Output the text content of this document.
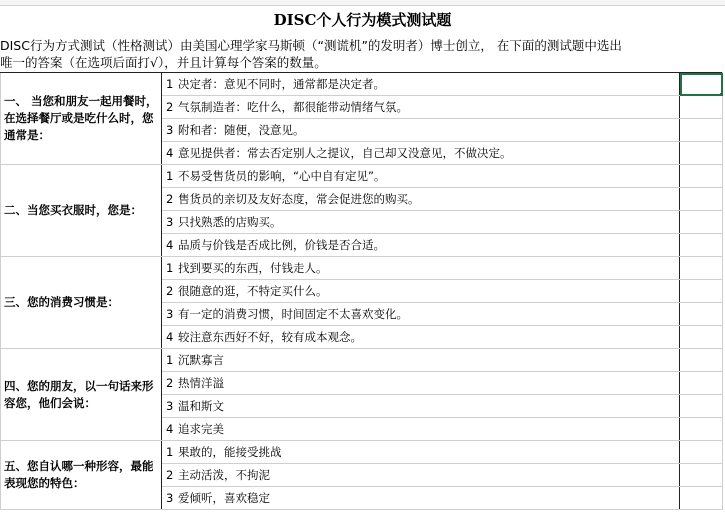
DISC个人行为模式测试题
DISC行为方式测试（性格测试）由美国心理学家马斯顿（“测谎机”的发明者）博士创立， 在下面的测试题中选出
唯一的答案（在选项后面打√），并且计算每个答案的数量。
一、 当您和朋友一起用餐时，在选择餐厅或是吃什么时，您通常是：	1 决定者：意见不同时，通常都是决定者。	
	2 气氛制造者：吃什么，都很能带动情绪气氛。	
	3 附和者：随便，没意见。	
	4 意见提供者：常去否定别人之提议，自己却又没意见，不做决定。	
二、当您买衣服时，您是：	1 不易受售货员的影响，“心中自有定见”。	
	2 售货员的亲切及友好态度，常会促进您的购买。	
	3 只找熟悉的店购买。	
	4 品质与价钱是否成比例，价钱是否合适。	
三、您的消费习惯是：	1 找到要买的东西，付钱走人。	
	2 很随意的逛，不特定买什么。	
	3 有一定的消费习惯，时间固定不太喜欢变化。	
	4 较注意东西好不好，较有成本观念。	
四、您的朋友，以一句话来形容您，他们会说：	1 沉默寡言	
	2 热情洋溢	
	3 温和斯文	
	4 追求完美	
五、您自认哪一种形容，最能表现您的特色：	1 果敢的，能接受挑战	
	2 主动活泼，不拘泥	
	3 爱倾听，喜欢稳定	
